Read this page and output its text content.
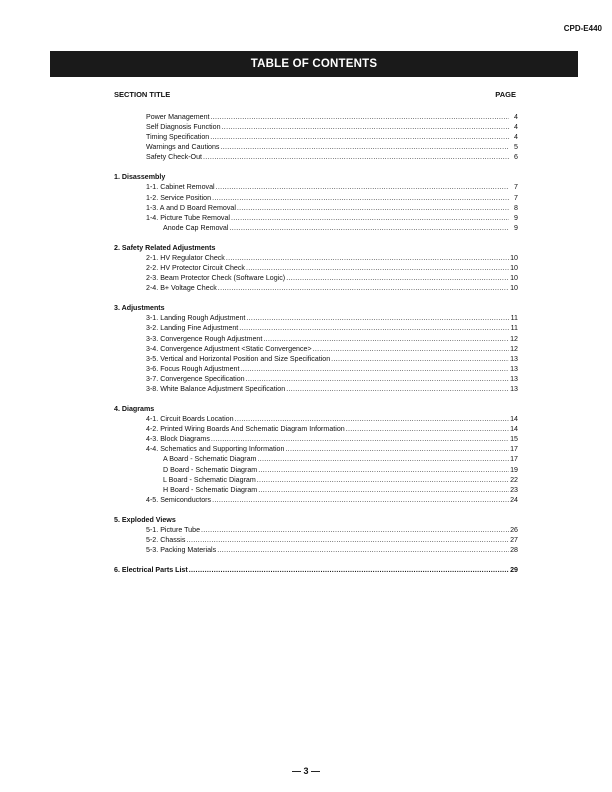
CPD-E440
TABLE OF CONTENTS
SECTION TITLE	PAGE
Power Management .....	4
Self Diagnosis Function .....	4
Timing Specification .....	4
Warnings and Cautions .....	5
Safety Check-Out .....	6
1. Disassembly
1-1. Cabinet Removal .....	7
1-2. Service Position .....	7
1-3. A and D Board Removal .....	8
1-4. Picture Tube Removal .....	9
Anode Cap Removal .....	9
2. Safety Related Adjustments
2-1. HV Regulator Check .....	10
2-2. HV Protector Circuit Check .....	10
2-3. Beam Protector Check (Software Logic) .....	10
2-4. B+ Voltage Check .....	10
3. Adjustments
3-1. Landing Rough Adjustment .....	11
3-2. Landing Fine Adjustment .....	11
3-3. Convergence Rough Adjustment .....	12
3-4. Convergence Adjustment <Static Convergence> .....	12
3-5. Vertical and Horizontal Position and Size Specification .....	13
3-6. Focus Rough Adjustment .....	13
3-7. Convergence Specification .....	13
3-8. White Balance Adjustment Specification .....	13
4. Diagrams
4-1. Circuit Boards Location .....	14
4-2. Printed Wiring Boards And Schematic Diagram Information .....	14
4-3. Block Diagrams .....	15
4-4. Schematics and Supporting Information .....	17
A Board - Schematic Diagram .....	17
D Board - Schematic Diagram .....	19
L Board - Schematic Diagram .....	22
H Board - Schematic Diagram .....	23
4-5. Semiconductors .....	24
5. Exploded Views
5-1. Picture Tube .....	26
5-2. Chassis .....	27
5-3. Packing Materials .....	28
6. Electrical Parts List .....	29
— 3 —
